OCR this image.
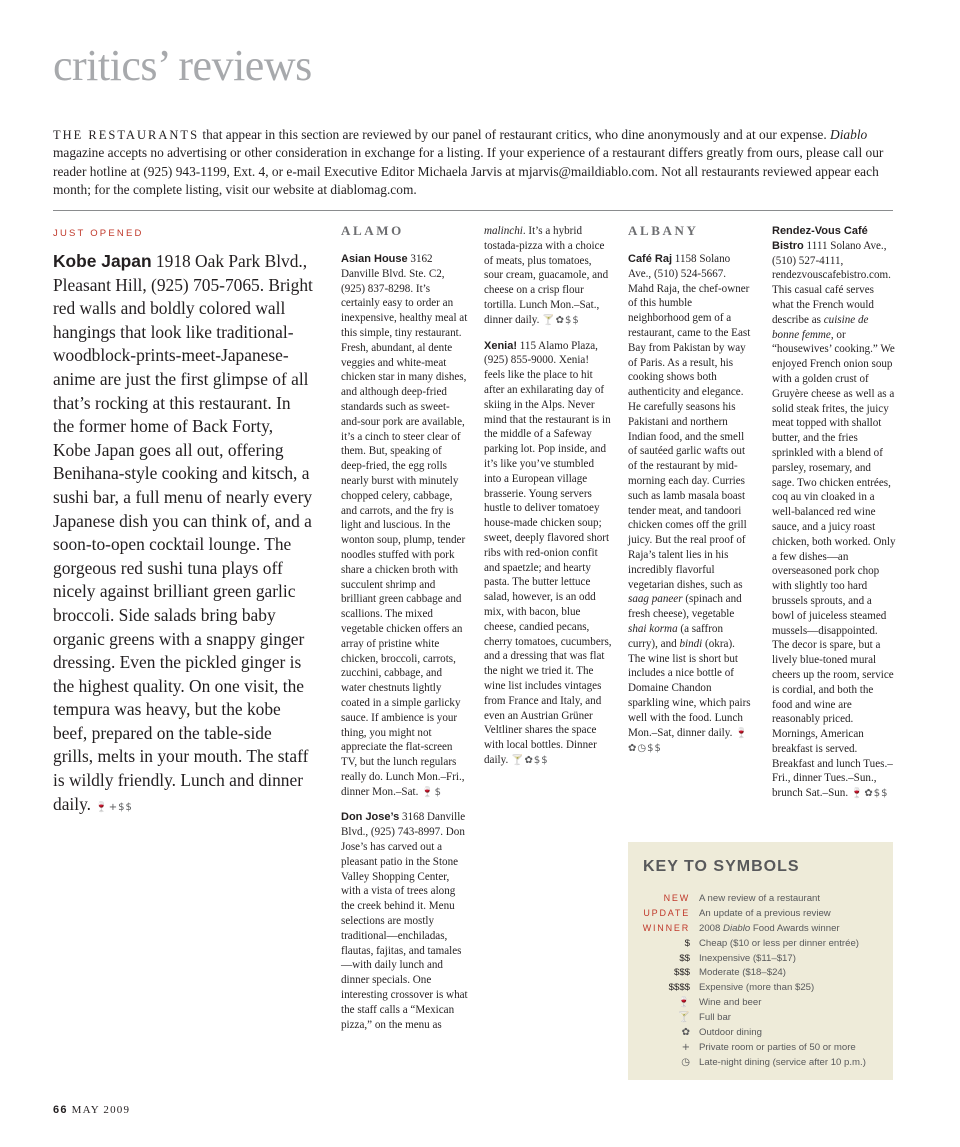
critics’ reviews
THE RESTAURANTS that appear in this section are reviewed by our panel of restaurant critics, who dine anonymously and at our expense. Diablo magazine accepts no advertising or other consideration in exchange for a listing. If your experience of a restaurant differs greatly from ours, please call our reader hotline at (925) 943-1199, Ext. 4, or e-mail Executive Editor Michaela Jarvis at mjarvis@maildiablo.com. Not all restaurants reviewed appear each month; for the complete listing, visit our website at diablomag.com.
JUST OPENED
Kobe Japan 1918 Oak Park Blvd., Pleasant Hill, (925) 705-7065. Bright red walls and boldly colored wall hangings that look like traditional-woodblock-prints-meet-Japanese-anime are just the first glimpse of all that’s rocking at this restaurant. In the former home of Back Forty, Kobe Japan goes all out, offering Benihana-style cooking and kitsch, a sushi bar, a full menu of nearly every Japanese dish you can think of, and a soon-to-open cocktail lounge. The gorgeous red sushi tuna plays off nicely against brilliant green garlic broccoli. Side salads bring baby organic greens with a snappy ginger dressing. Even the pickled ginger is the highest quality. On one visit, the tempura was heavy, but the kobe beef, prepared on the table-side grills, melts in your mouth. The staff is wildly friendly. Lunch and dinner daily. 🍷+$$
ALAMO
Asian House 3162 Danville Blvd. Ste. C2, (925) 837-8298. It’s certainly easy to order an inexpensive, healthy meal at this simple, tiny restaurant. Fresh, abundant, al dente veggies and white-meat chicken star in many dishes, and although deep-fried standards such as sweet-and-sour pork are available, it’s a cinch to steer clear of them. But, speaking of deep-fried, the egg rolls nearly burst with minutely chopped celery, cabbage, and carrots, and the fry is light and luscious. In the wonton soup, plump, tender noodles stuffed with pork share a chicken broth with succulent shrimp and brilliant green cabbage and scallions. The mixed vegetable chicken offers an array of pristine white chicken, broccoli, carrots, zucchini, cabbage, and water chestnuts lightly coated in a simple garlicky sauce. If ambience is your thing, you might not appreciate the flat-screen TV, but the lunch regulars really do. Lunch Mon.–Fri., dinner Mon.–Sat. 🍷$
Don Jose’s 3168 Danville Blvd., (925) 743-8997. Don Jose’s has carved out a pleasant patio in the Stone Valley Shopping Center, with a vista of trees along the creek behind it. Menu selections are mostly traditional—enchiladas, flautas, fajitas, and tamales—with daily lunch and dinner specials. One interesting crossover is what the staff calls a “Mexican pizza,” on the menu as
malinchi. It’s a hybrid tostada-pizza with a choice of meats, plus tomatoes, sour cream, guacamole, and cheese on a crisp flour tortilla. Lunch Mon.–Sat., dinner daily. 🍸✿$$
Xenia! 115 Alamo Plaza, (925) 855-9000. Xenia! feels like the place to hit after an exhilarating day of skiing in the Alps. Never mind that the restaurant is in the middle of a Safeway parking lot. Pop inside, and it’s like you’ve stumbled into a European village brasserie. Young servers hustle to deliver tomatoey house-made chicken soup; sweet, deeply flavored short ribs with red-onion confit and spaetzle; and hearty pasta. The butter lettuce salad, however, is an odd mix, with bacon, blue cheese, candied pecans, cherry tomatoes, cucumbers, and a dressing that was flat the night we tried it. The wine list includes vintages from France and Italy, and even an Austrian Grüner Veltliner shares the space with local bottles. Dinner daily. 🍸✿$$
ALBANY
Café Raj 1158 Solano Ave., (510) 524-5667. Mahd Raja, the chef-owner of this humble neighborhood gem of a restaurant, came to the East Bay from Pakistan by way of Paris. As a result, his cooking shows both authenticity and elegance. He carefully seasons his Pakistani and northern Indian food, and the smell of sautéed garlic wafts out of the restaurant by mid-morning each day. Curries such as lamb masala boast tender meat, and tandoori chicken comes off the grill juicy. But the real proof of Raja’s talent lies in his incredibly flavorful vegetarian dishes, such as saag paneer (spinach and fresh cheese), vegetable shai korma (a saffron curry), and bindi (okra). The wine list is short but includes a nice bottle of Domaine Chandon sparkling wine, which pairs well with the food. Lunch Mon.–Sat, dinner daily. 🍷✿◷$$
Rendez-Vous Café Bistro 1111 Solano Ave., (510) 527-4111, rendezvouscafebistro.com. This casual café serves what the French would describe as cuisine de bonne femme, or “housewives’ cooking.” We enjoyed French onion soup with a golden crust of Gruyère cheese as well as a solid steak frites, the juicy meat topped with shallot butter, and the fries sprinkled with a blend of parsley, rosemary, and sage. Two chicken entrées, coq au vin cloaked in a well-balanced red wine sauce, and a juicy roast chicken, both worked. Only a few dishes—an overseasoned pork chop with slightly too hard brussels sprouts, and a bowl of juiceless steamed mussels—disappointed. The decor is spare, but a lively blue-toned mural cheers up the room, service is cordial, and both the food and wine are reasonably priced. Mornings, American breakfast is served. Breakfast and lunch Tues.–Fri., dinner Tues.–Sun., brunch Sat.–Sun. 🍷✿$$
KEY TO SYMBOLS
NEW A new review of a restaurant
UPDATE An update of a previous review
WINNER 2008 Diablo Food Awards winner
$ Cheap ($10 or less per dinner entrée)
$$ Inexpensive ($11–$17)
$$$ Moderate ($18–$24)
$$$$ Expensive (more than $25)
🍷 Wine and beer
🍸 Full bar
✿ Outdoor dining
+ Private room or parties of 50 or more
◷ Late-night dining (service after 10 p.m.)
66 MAY 2009
